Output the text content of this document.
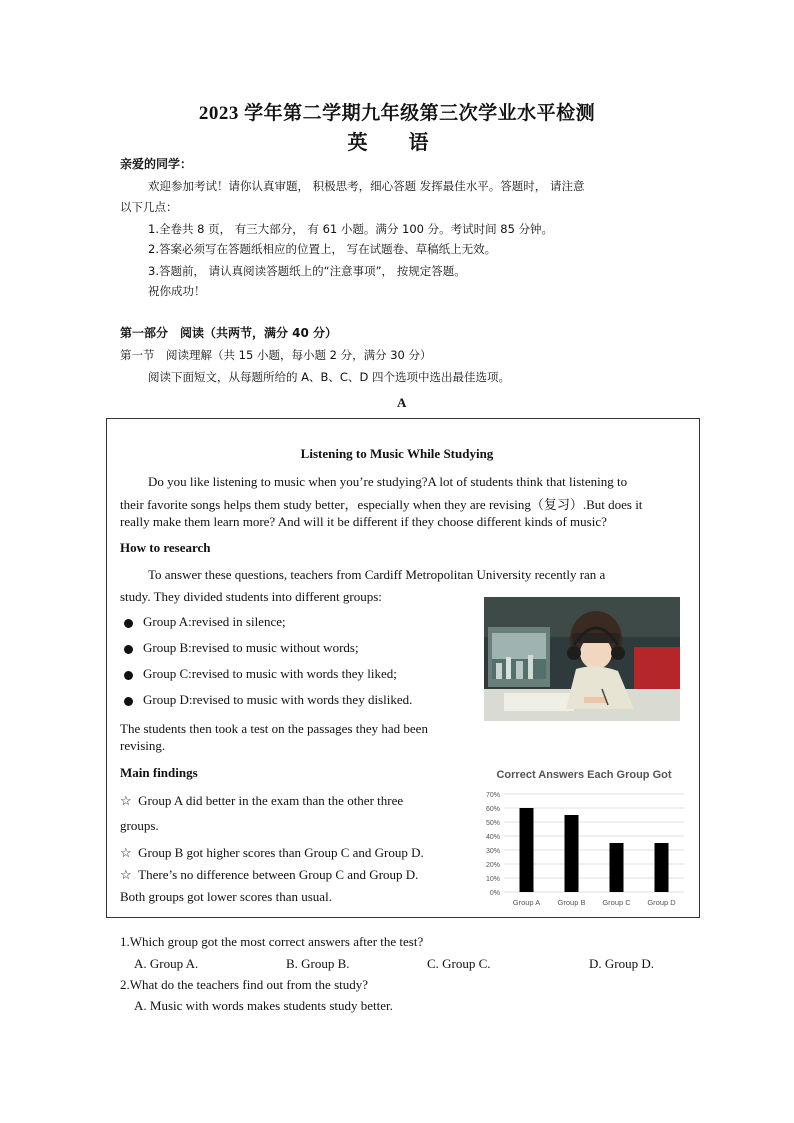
2023 学年第二学期九年级第三次学业水平检测
英 语
亲爱的同学：
欢迎参加考试！请你认真审题， 积极思考，细心答题 发挥最佳水平。答题时， 请注意
以下几点：
1.全卷共 8 页， 有三大部分， 有 61 小题。满分 100 分。考试时间 85 分钟。
2.答案必须写在答题纸相应的位置上， 写在试题卷、草稿纸上无效。
3.答题前， 请认真阅读答题纸上的“注意事项”， 按规定答题。
祝你成功！
第一部分　阅读（共两节，满分 40 分）
第一节　阅读理解（共 15 小题，每小题 2 分，满分 30 分）
阅读下面短文，从每题所给的 A、B、C、D 四个选项中选出最佳选项。
A
Listening to Music While Studying
Do you like listening to music when you’re studying?A lot of students think that listening to
their favorite songs helps them study better，especially when they are revising（复习）.But does it
really make them learn more? And will it be different if they choose different kinds of music?
How to research
To answer these questions, teachers from Cardiff Metropolitan University recently ran a
study. They divided students into different groups:
Group A:revised in silence;
Group B:revised to music without words;
Group C:revised to music with words they liked;
Group D:revised to music with words they disliked.
The students then took a test on the passages they had been
revising.
Main findings
☆ Group A did better in the exam than the other three
groups.
☆ Group B got higher scores than Group C and Group D.
☆ There’s no difference between Group C and Group D.
Both groups got lower scores than usual.
Correct Answers Each Group Got
0%
10%
20%
30%
40%
50%
60%
70%
Group A Group B Group C Group D
1.Which group got the most correct answers after the test?
A. Group A.	B. Group B.	C. Group C.	D. Group D.
2.What do the teachers find out from the study?
A. Music with words makes students study better.
